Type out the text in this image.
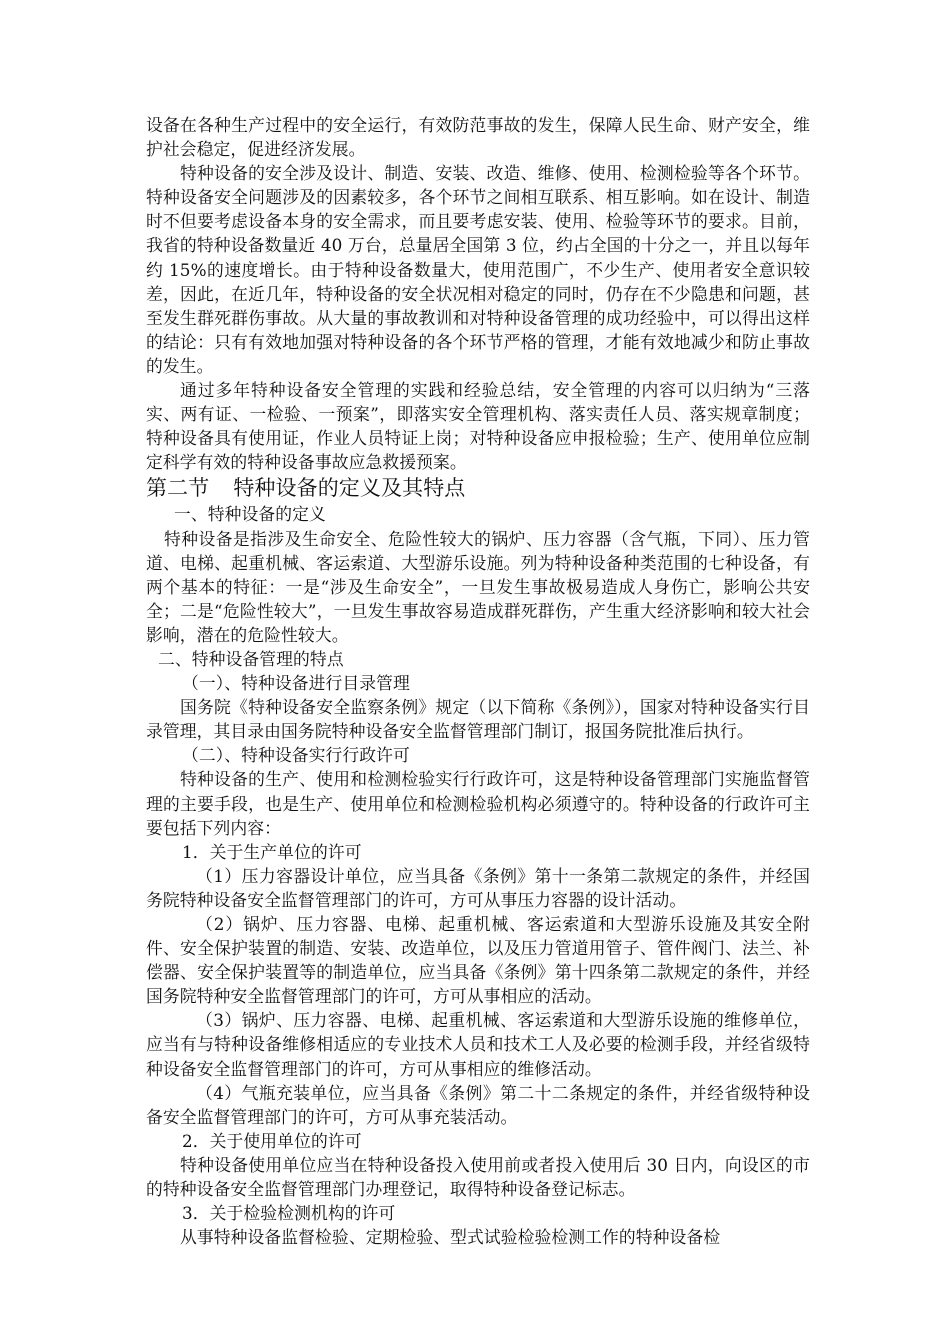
设备在各种生产过程中的安全运行，有效防范事故的发生，保障人民生命、财产安全，维护社会稳定，促进经济发展。

特种设备的安全涉及设计、制造、安装、改造、维修、使用、检测检验等各个环节。特种设备安全问题涉及的因素较多，各个环节之间相互联系、相互影响。如在设计、制造时不但要考虑设备本身的安全需求，而且要考虑安装、使用、检验等环节的要求。目前，我省的特种设备数量近 40 万台，总量居全国第 3 位，约占全国的十分之一，并且以每年约 15%的速度增长。由于特种设备数量大，使用范围广，不少生产、使用者安全意识较差，因此，在近几年，特种设备的安全状况相对稳定的同时，仍存在不少隐患和问题，甚至发生群死群伤事故。从大量的事故教训和对特种设备管理的成功经验中，可以得出这样的结论：只有有效地加强对特种设备的各个环节严格的管理，才能有效地减少和防止事故的发生。

通过多年特种设备安全管理的实践和经验总结，安全管理的内容可以归纳为“三落实、两有证、一检验、一预案”，即落实安全管理机构、落实责任人员、落实规章制度；特种设备具有使用证，作业人员特证上岗；对特种设备应申报检验；生产、使用单位应制定科学有效的特种设备事故应急救援预案。

第二节 特种设备的定义及其特点

一、特种设备的定义

特种设备是指涉及生命安全、危险性较大的锅炉、压力容器（含气瓶，下同）、压力管道、电梯、起重机械、客运索道、大型游乐设施。列为特种设备种类范围的七种设备，有两个基本的特征：一是“涉及生命安全”，一旦发生事故极易造成人身伤亡，影响公共安全；二是“危险性较大”，一旦发生事故容易造成群死群伤，产生重大经济影响和较大社会影响，潜在的危险性较大。

二、特种设备管理的特点

（一）、特种设备进行目录管理

国务院《特种设备安全监察条例》规定（以下简称《条例》），国家对特种设备实行目录管理，其目录由国务院特种设备安全监督管理部门制订，报国务院批准后执行。

（二）、特种设备实行行政许可

特种设备的生产、使用和检测检验实行行政许可，这是特种设备管理部门实施监督管理的主要手段，也是生产、使用单位和检测检验机构必须遵守的。特种设备的行政许可主要包括下列内容：

1．关于生产单位的许可

（1）压力容器设计单位，应当具备《条例》第十一条第二款规定的条件，并经国务院特种设备安全监督管理部门的许可，方可从事压力容器的设计活动。

（2）锅炉、压力容器、电梯、起重机械、客运索道和大型游乐设施及其安全附件、安全保护装置的制造、安装、改造单位，以及压力管道用管子、管件阀门、法兰、补偿器、安全保护装置等的制造单位，应当具备《条例》第十四条第二款规定的条件，并经国务院特种安全监督管理部门的许可，方可从事相应的活动。

（3）锅炉、压力容器、电梯、起重机械、客运索道和大型游乐设施的维修单位，应当有与特种设备维修相适应的专业技术人员和技术工人及必要的检测手段，并经省级特种设备安全监督管理部门的许可，方可从事相应的维修活动。

（4）气瓶充装单位，应当具备《条例》第二十二条规定的条件，并经省级特种设备安全监督管理部门的许可，方可从事充装活动。

2．关于使用单位的许可

特种设备使用单位应当在特种设备投入使用前或者投入使用后 30 日内，向设区的市的特种设备安全监督管理部门办理登记，取得特种设备登记标志。

3．关于检验检测机构的许可

从事特种设备监督检验、定期检验、型式试验检验检测工作的特种设备检
